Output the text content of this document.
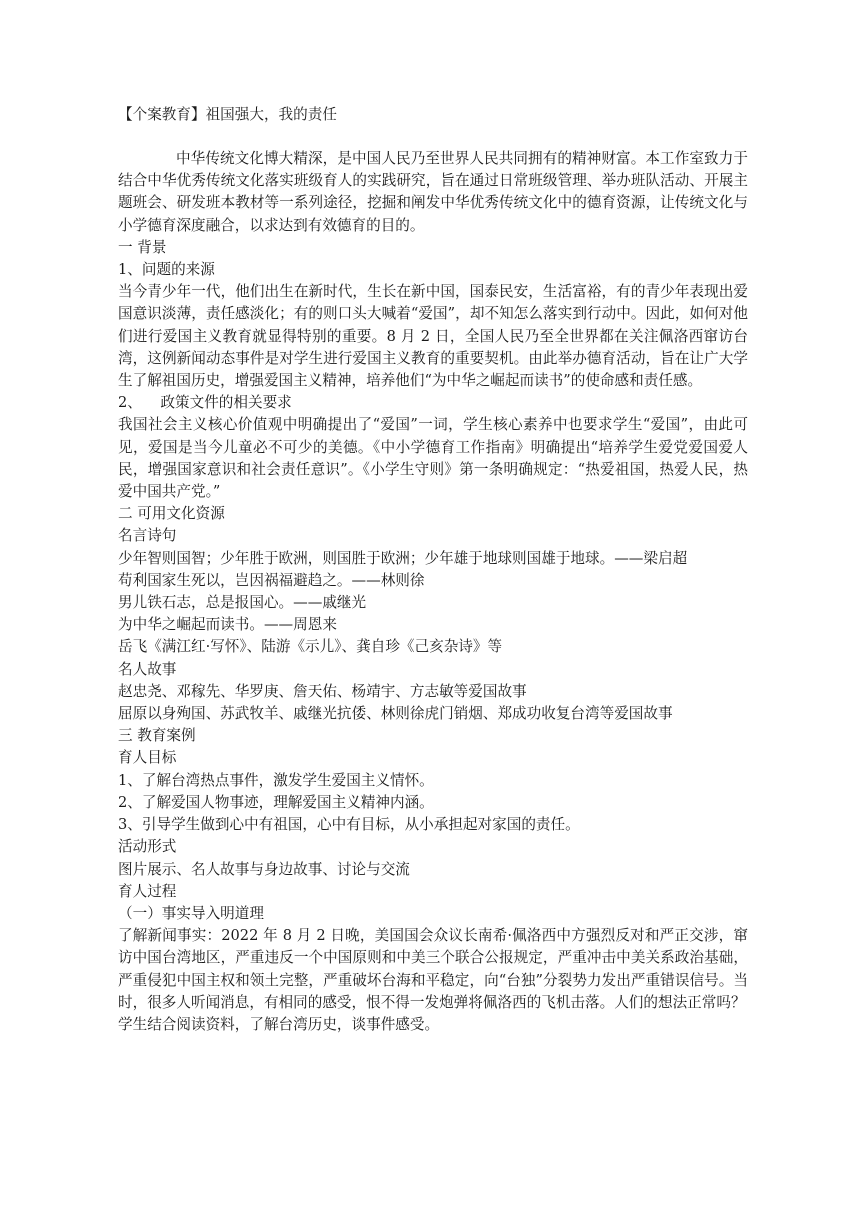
【个案教育】祖国强大，我的责任

中华传统文化博大精深，是中国人民乃至世界人民共同拥有的精神财富。本工作室致力于结合中华优秀传统文化落实班级育人的实践研究，旨在通过日常班级管理、举办班队活动、开展主题班会、研发班本教材等一系列途径，挖掘和阐发中华优秀传统文化中的德育资源，让传统文化与小学德育深度融合，以求达到有效德育的目的。

一 背景

1、问题的来源

当今青少年一代，他们出生在新时代，生长在新中国，国泰民安，生活富裕，有的青少年表现出爱国意识淡薄，责任感淡化；有的则口头大喊着“爱国”，却不知怎么落实到行动中。因此，如何对他们进行爱国主义教育就显得特别的重要。8 月 2 日，全国人民乃至全世界都在关注佩洛西窜访台湾，这例新闻动态事件是对学生进行爱国主义教育的重要契机。由此举办德育活动，旨在让广大学生了解祖国历史，增强爱国主义精神，培养他们“为中华之崛起而读书”的使命感和责任感。

2、    政策文件的相关要求

我国社会主义核心价值观中明确提出了“爱国”一词，学生核心素养中也要求学生“爱国”，由此可见，爱国是当今儿童必不可少的美德。《中小学德育工作指南》明确提出“培养学生爱党爱国爱人民，增强国家意识和社会责任意识”。《小学生守则》第一条明确规定：“热爱祖国，热爱人民，热爱中国共产党。”

二 可用文化资源

名言诗句

少年智则国智；少年胜于欧洲，则国胜于欧洲；少年雄于地球则国雄于地球。——梁启超

苟利国家生死以，岂因祸福避趋之。——林则徐

男儿铁石志，总是报国心。——戚继光

为中华之崛起而读书。——周恩来

岳飞《满江红·写怀》、陆游《示儿》、龚自珍《己亥杂诗》等

名人故事

赵忠尧、邓稼先、华罗庚、詹天佑、杨靖宇、方志敏等爱国故事

屈原以身殉国、苏武牧羊、戚继光抗倭、林则徐虎门销烟、郑成功收复台湾等爱国故事

三 教育案例

育人目标

1、了解台湾热点事件，激发学生爱国主义情怀。

2、了解爱国人物事迹，理解爱国主义精神内涵。

3、引导学生做到心中有祖国，心中有目标，从小承担起对家国的责任。

活动形式

图片展示、名人故事与身边故事、讨论与交流

育人过程

（一）事实导入明道理

了解新闻事实：2022 年 8 月 2 日晚，美国国会众议长南希·佩洛西中方强烈反对和严正交涉，窜访中国台湾地区，严重违反一个中国原则和中美三个联合公报规定，严重冲击中美关系政治基础，严重侵犯中国主权和领土完整，严重破坏台海和平稳定，向“台独”分裂势力发出严重错误信号。当时，很多人听闻消息，有相同的感受，恨不得一发炮弹将佩洛西的飞机击落。人们的想法正常吗？

学生结合阅读资料，了解台湾历史，谈事件感受。
